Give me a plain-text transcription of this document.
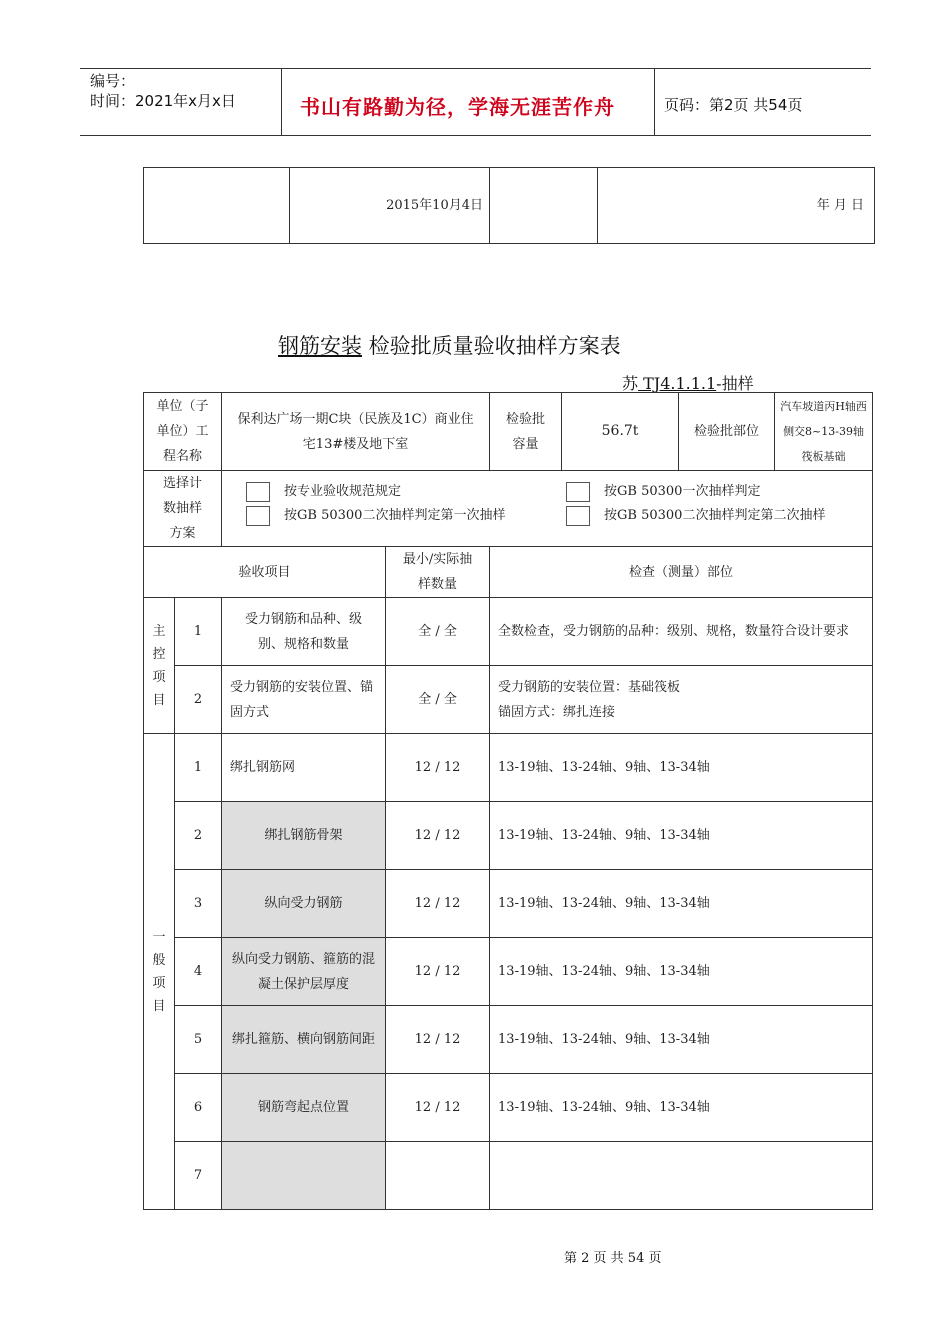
编号：
时间：2021年x月x日	书山有路勤为径，学海无涯苦作舟	页码：第2页 共54页
	2015年10月4日		年 月 日
钢筋安装 检验批质量验收抽样方案表
苏 TJ4.1.1.1-抽样
单位（子单位）工程名称		保利达广场一期C块（民族及1C）商业住宅13#楼及地下室		检验批容量	56.7t	检验批部位	汽车坡道丙H轴西侧交8~13-39轴筏板基础
选择计数抽样方案		按专业验收规范规定 按GB 50300一次抽样判定
按GB 50300二次抽样判定第一次抽样 按GB 50300二次抽样判定第二次抽样					

验收项目			最小/实际抽样数量	检查（测量）部位			
主控项目	1	受力钢筋和品种、级别、规格和数量	全 / 全	全数检查，受力钢筋的品种：级别、规格，数量符合设计要求			
	2	受力钢筋的安装位置、锚固方式	全 / 全	受力钢筋的安装位置：基础筏板
锚固方式：绑扎连接			
一般项目	1	绑扎钢筋网	12 / 12	13-19轴、13-24轴、9轴、13-34轴			
	2	绑扎钢筋骨架	12 / 12	13-19轴、13-24轴、9轴、13-34轴			
	3	纵向受力钢筋	12 / 12	13-19轴、13-24轴、9轴、13-34轴			
	4	纵向受力钢筋、箍筋的混凝土保护层厚度	12 / 12	13-19轴、13-24轴、9轴、13-34轴			
	5	绑扎箍筋、横向钢筋间距	12 / 12	13-19轴、13-24轴、9轴、13-34轴			
	6	钢筋弯起点位置	12 / 12	13-19轴、13-24轴、9轴、13-34轴			
	7						
第 2 页 共 54 页
